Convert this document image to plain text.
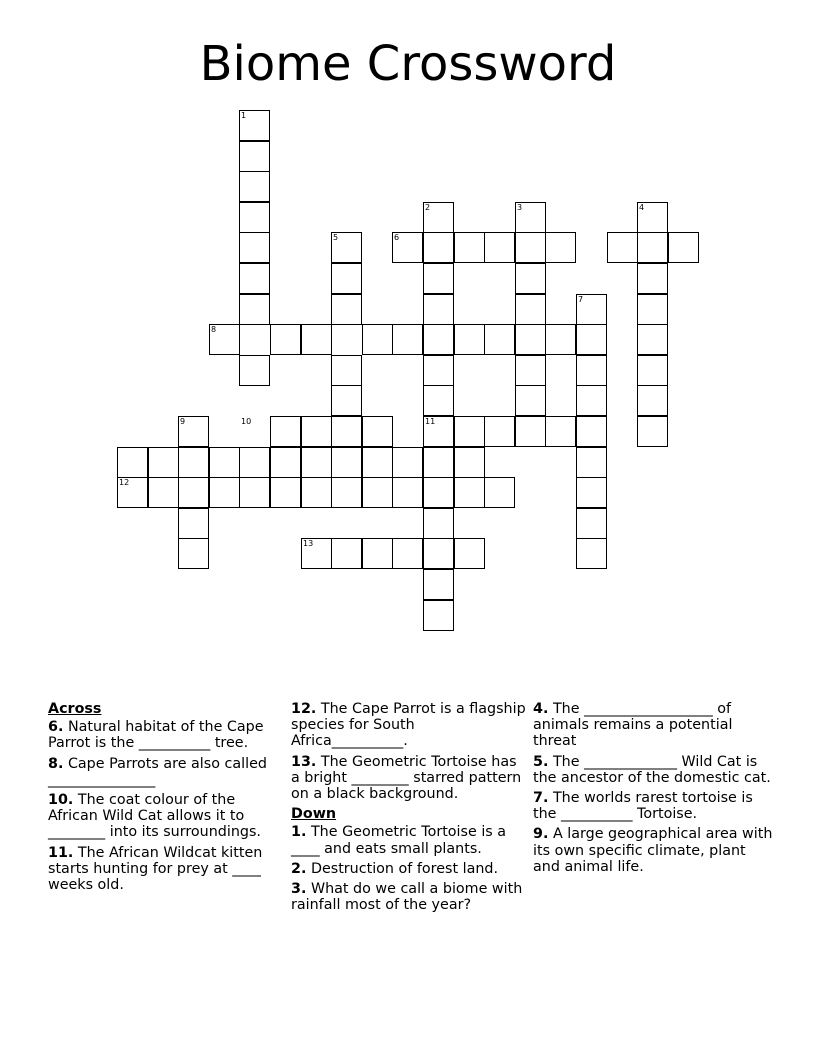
Biome Crossword
1
2	3	4
5	6
7
8
9	10	11
12
13
Across
6. Natural habitat of the Cape Parrot is the __________ tree.
8. Cape Parrots are also called _______________
10. The coat colour of the African Wild Cat allows it to ________ into its surroundings.
11. The African Wildcat kitten starts hunting for prey at ____ weeks old.
12. The Cape Parrot is a flagship species for South Africa__________.
13. The Geometric Tortoise has a bright ________ starred pattern on a black background.
Down
1. The Geometric Tortoise is a ____ and eats small plants.
2. Destruction of forest land.
3. What do we call a biome with rainfall most of the year?
4. The __________________ of animals remains a potential threat
5. The _____________ Wild Cat is the ancestor of the domestic cat.
7. The worlds rarest tortoise is the __________ Tortoise.
9. A large geographical area with its own specific climate, plant and animal life.
